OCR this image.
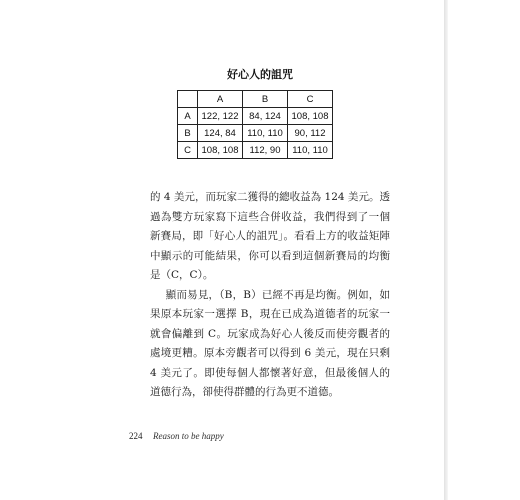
好心人的詛咒
	A	B	C
A	122, 122	84, 124	108, 108
B	124, 84	110, 110	90, 112
C	108, 108	112, 90	110, 110

的 4 美元，而玩家二獲得的總收益為 124 美元。透過為雙方玩家寫下這些合併收益，我們得到了一個新賽局，即「好心人的詛咒」。看看上方的收益矩陣中顯示的可能結果，你可以看到這個新賽局的均衡是（C，C）。

顯而易見，（B，B）已經不再是均衡。例如，如果原本玩家一選擇 B，現在已成為道德者的玩家一就會偏離到 C。玩家成為好心人後反而使旁觀者的處境更糟。原本旁觀者可以得到 6 美元，現在只剩 4 美元了。即使每個人都懷著好意，但最後個人的道德行為，卻使得群體的行為更不道德。

224 Reason to be happy
